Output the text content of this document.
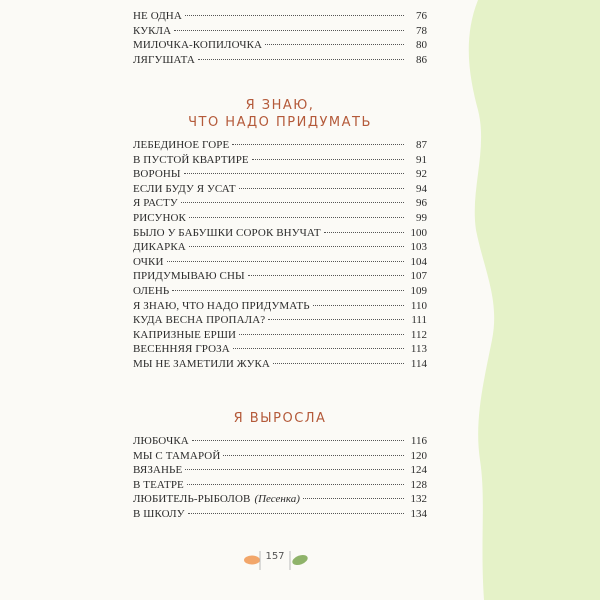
НЕ ОДНА	76
КУКЛА	78
МИЛОЧКА-КОПИЛОЧКА	80
ЛЯГУШАТА	86
Я ЗНАЮ,
ЧТО НАДО ПРИДУМАТЬ
ЛЕБЕДИНОЕ ГОРЕ	87
В ПУСТОЙ КВАРТИРЕ	91
ВОРОНЫ	92
ЕСЛИ БУДУ Я УСАТ	94
Я РАСТУ	96
РИСУНОК	99
БЫЛО У БАБУШКИ СОРОК ВНУЧАТ	100
ДИКАРКА	103
ОЧКИ	104
ПРИДУМЫВАЮ СНЫ	107
ОЛЕНЬ	109
Я ЗНАЮ, ЧТО НАДО ПРИДУМАТЬ	110
КУДА ВЕСНА ПРОПАЛА?	111
КАПРИЗНЫЕ ЕРШИ	112
ВЕСЕННЯЯ ГРОЗА	113
МЫ НЕ ЗАМЕТИЛИ ЖУКА	114
Я ВЫРОСЛА
ЛЮБОЧКА	116
МЫ С ТАМАРОЙ	120
ВЯЗАНЬЕ	124
В ТЕАТРЕ	128
ЛЮБИТЕЛЬ-РЫБОЛОВ (Песенка)	132
В ШКОЛУ	134
157
